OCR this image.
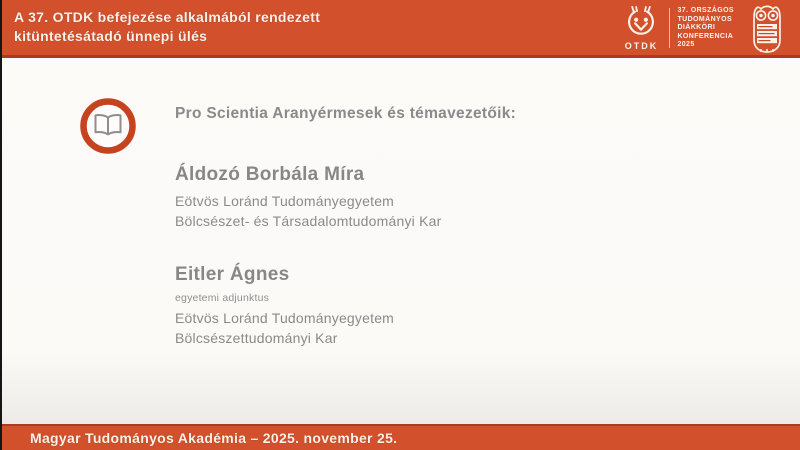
A 37. OTDK befejezése alkalmából rendezett
kitüntetésátadó ünnepi ülés
OTDK
37. ORSZÁGOS
TUDOMÁNYOS
DIÁKKÖRI
KONFERENCIA
2025
Pro Scientia Aranyérmesek és témavezetőik:
Áldozó Borbála Míra
Eötvös Loránd Tudományegyetem
Bölcsészet- és Társadalomtudományi Kar
Eitler Ágnes
egyetemi adjunktus
Eötvös Loránd Tudományegyetem
Bölcsészettudományi Kar
Magyar Tudományos Akadémia – 2025. november 25.
